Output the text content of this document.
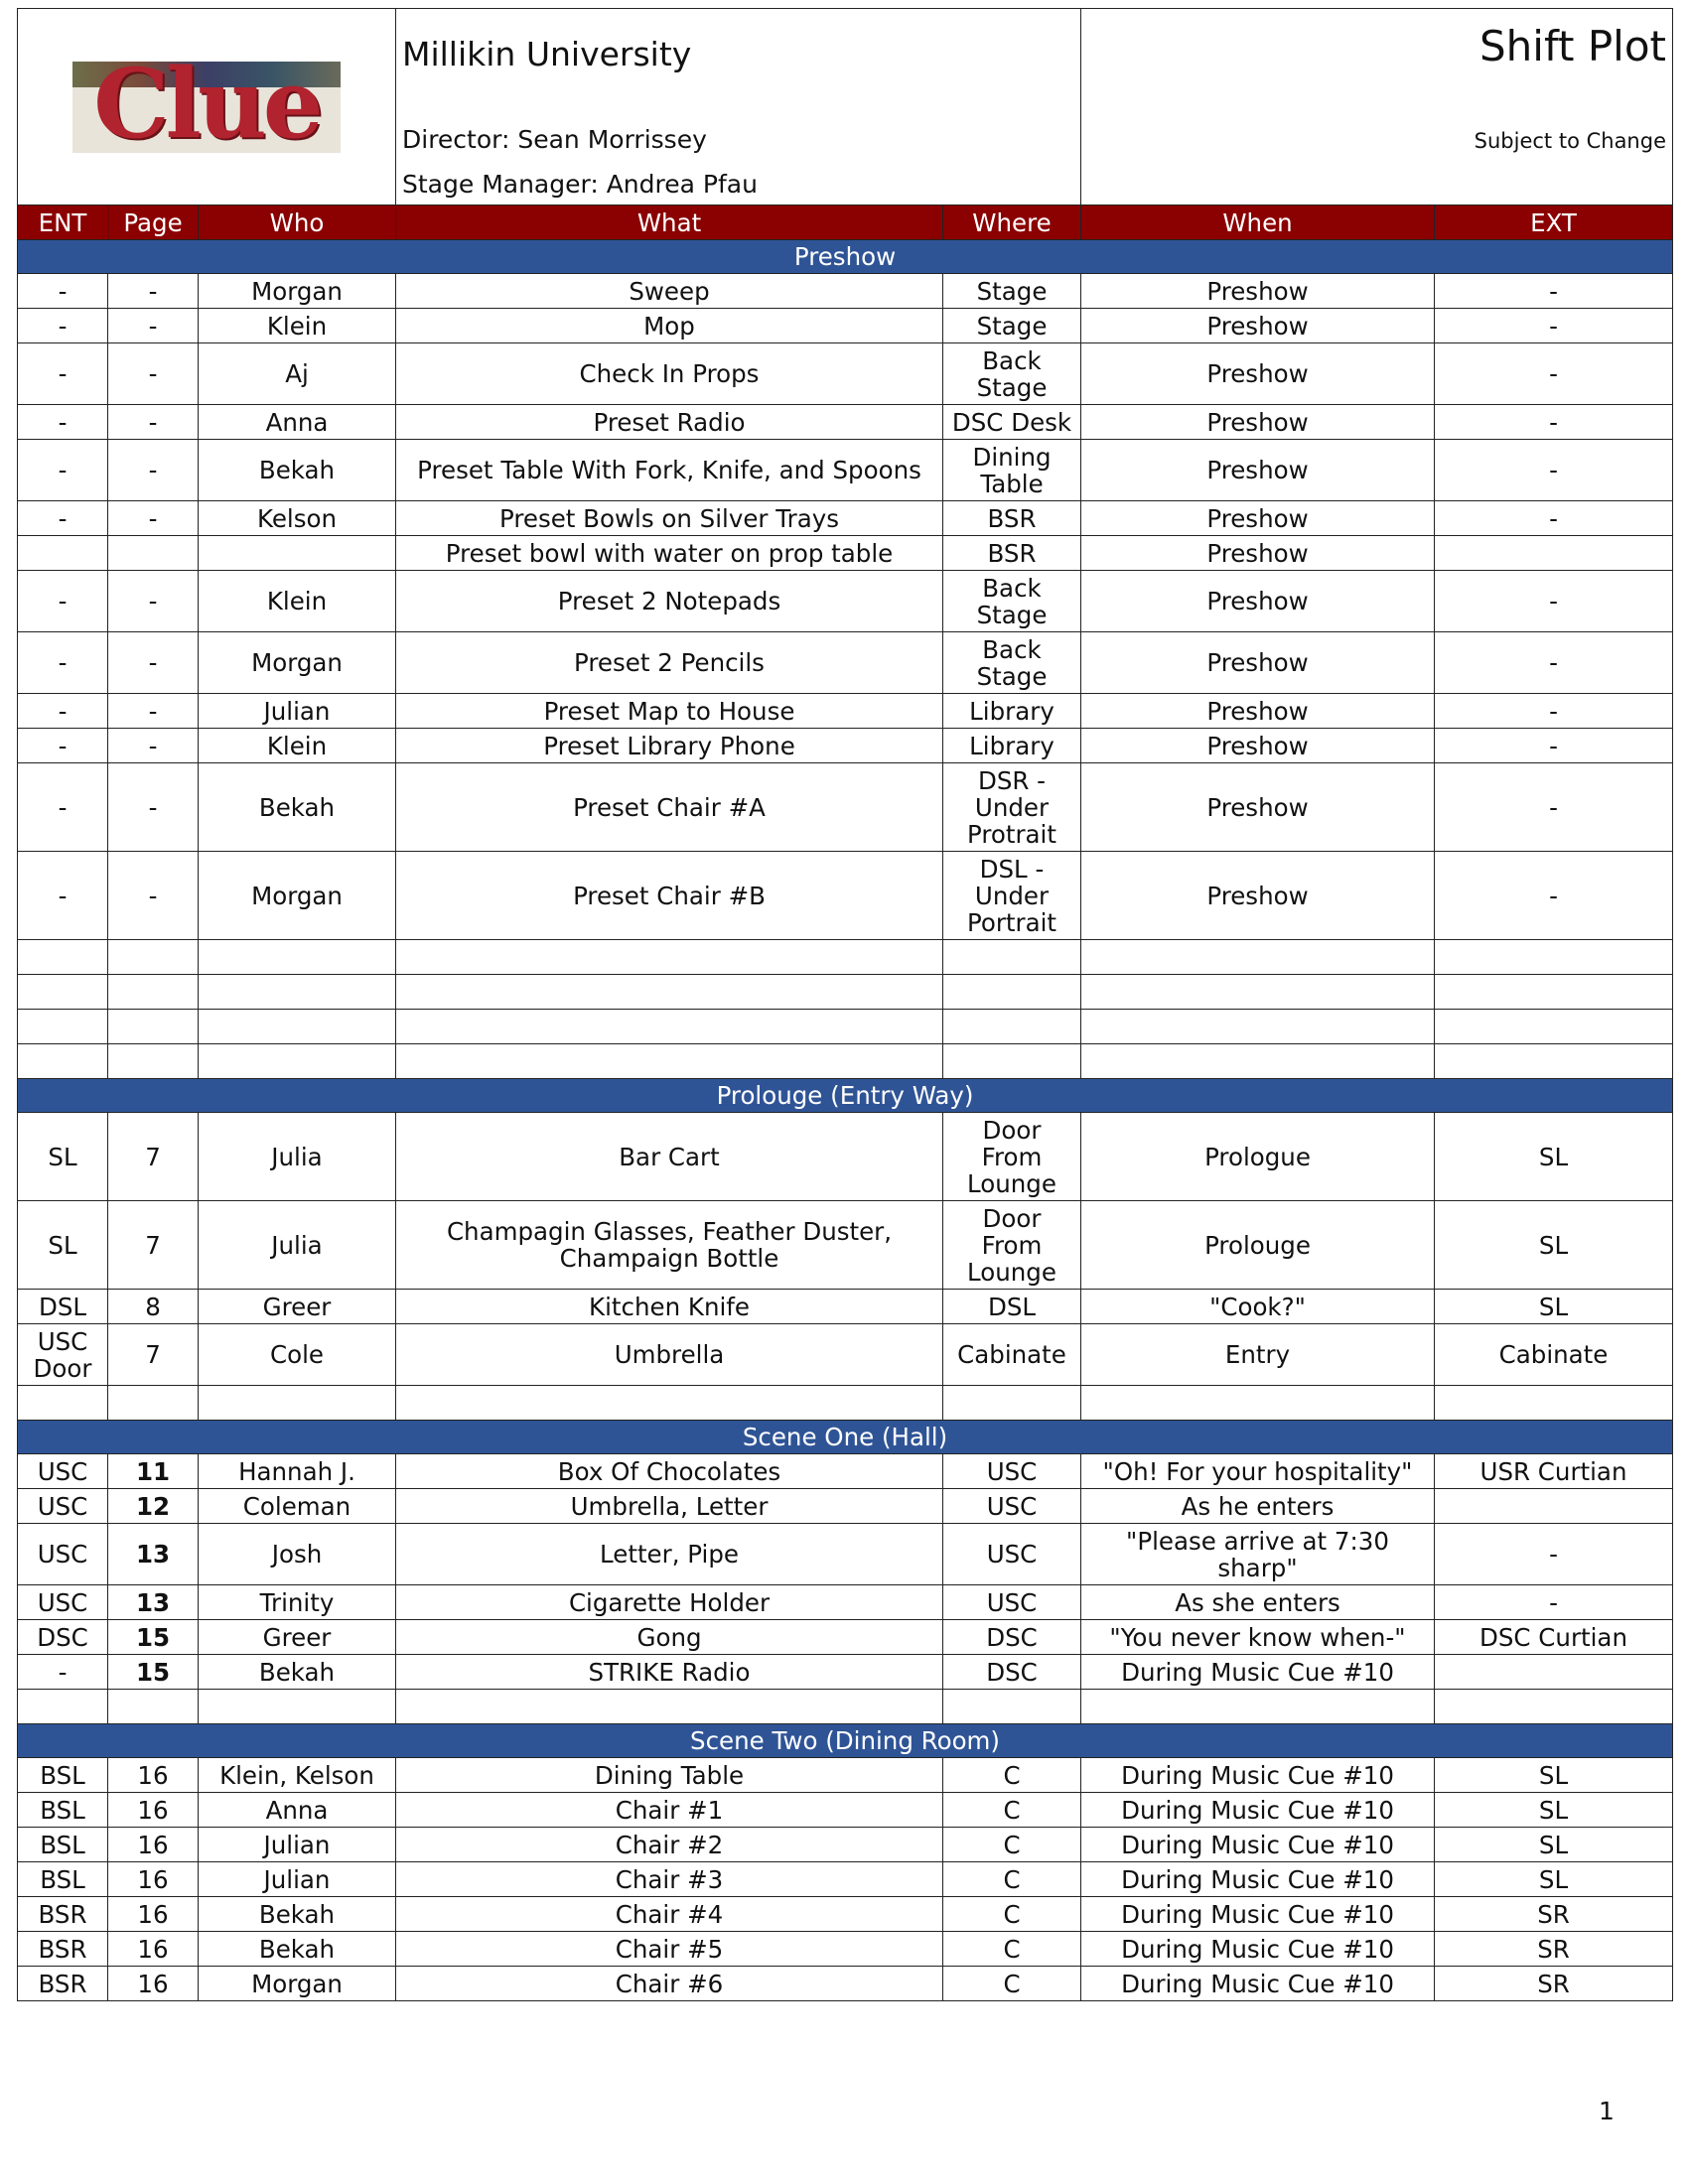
Clue			Millikin University
Director: Sean Morrissey
Stage Manager: Andrea Pfau		Shift Plot
Subject to Change	

ENT	Page	Who	What	Where	When	EXT
Preshow						
-	-	Morgan	Sweep	Stage	Preshow	-
-	-	Klein	Mop	Stage	Preshow	-
-	-	Aj	Check In Props	Back
Stage	Preshow	-
-	-	Anna	Preset Radio	DSC Desk	Preshow	-
-	-	Bekah	Preset Table With Fork, Knife, and Spoons	Dining
Table	Preshow	-
-	-	Kelson	Preset Bowls on Silver Trays	BSR	Preshow	-
			Preset bowl with water on prop table	BSR	Preshow	
-	-	Klein	Preset 2 Notepads	Back
Stage	Preshow	-
-	-	Morgan	Preset 2 Pencils	Back
Stage	Preshow	-
-	-	Julian	Preset Map to House	Library	Preshow	-
-	-	Klein	Preset Library Phone	Library	Preshow	-
-	-	Bekah	Preset Chair #A	DSR -
Under
Protrait	Preshow	-
-	-	Morgan	Preset Chair #B	DSL -
Under
Portrait	Preshow	-

Prolouge (Entry Way)						
SL	7	Julia	Bar Cart	Door
From
Lounge	Prologue	SL
SL	7	Julia	Champagin Glasses, Feather Duster,
Champaign Bottle	Door
From
Lounge	Prolouge	SL
DSL	8	Greer	Kitchen Knife	DSL	"Cook?"	SL
USC
Door	7	Cole	Umbrella	Cabinate	Entry	Cabinate

Scene One (Hall)						
USC	11	Hannah J.	Box Of Chocolates	USC	"Oh! For your hospitality"	USR Curtian
USC	12	Coleman	Umbrella, Letter	USC	As he enters	
USC	13	Josh	Letter, Pipe	USC	"Please arrive at 7:30
sharp"	-
USC	13	Trinity	Cigarette Holder	USC	As she enters	-
DSC	15	Greer	Gong	DSC	"You never know when-"	DSC Curtian
-	15	Bekah	STRIKE Radio	DSC	During Music Cue #10	

Scene Two (Dining Room)						
BSL	16	Klein, Kelson	Dining Table	C	During Music Cue #10	SL
BSL	16	Anna	Chair #1	C	During Music Cue #10	SL
BSL	16	Julian	Chair #2	C	During Music Cue #10	SL
BSL	16	Julian	Chair #3	C	During Music Cue #10	SL
BSR	16	Bekah	Chair #4	C	During Music Cue #10	SR
BSR	16	Bekah	Chair #5	C	During Music Cue #10	SR
BSR	16	Morgan	Chair #6	C	During Music Cue #10	SR
1
